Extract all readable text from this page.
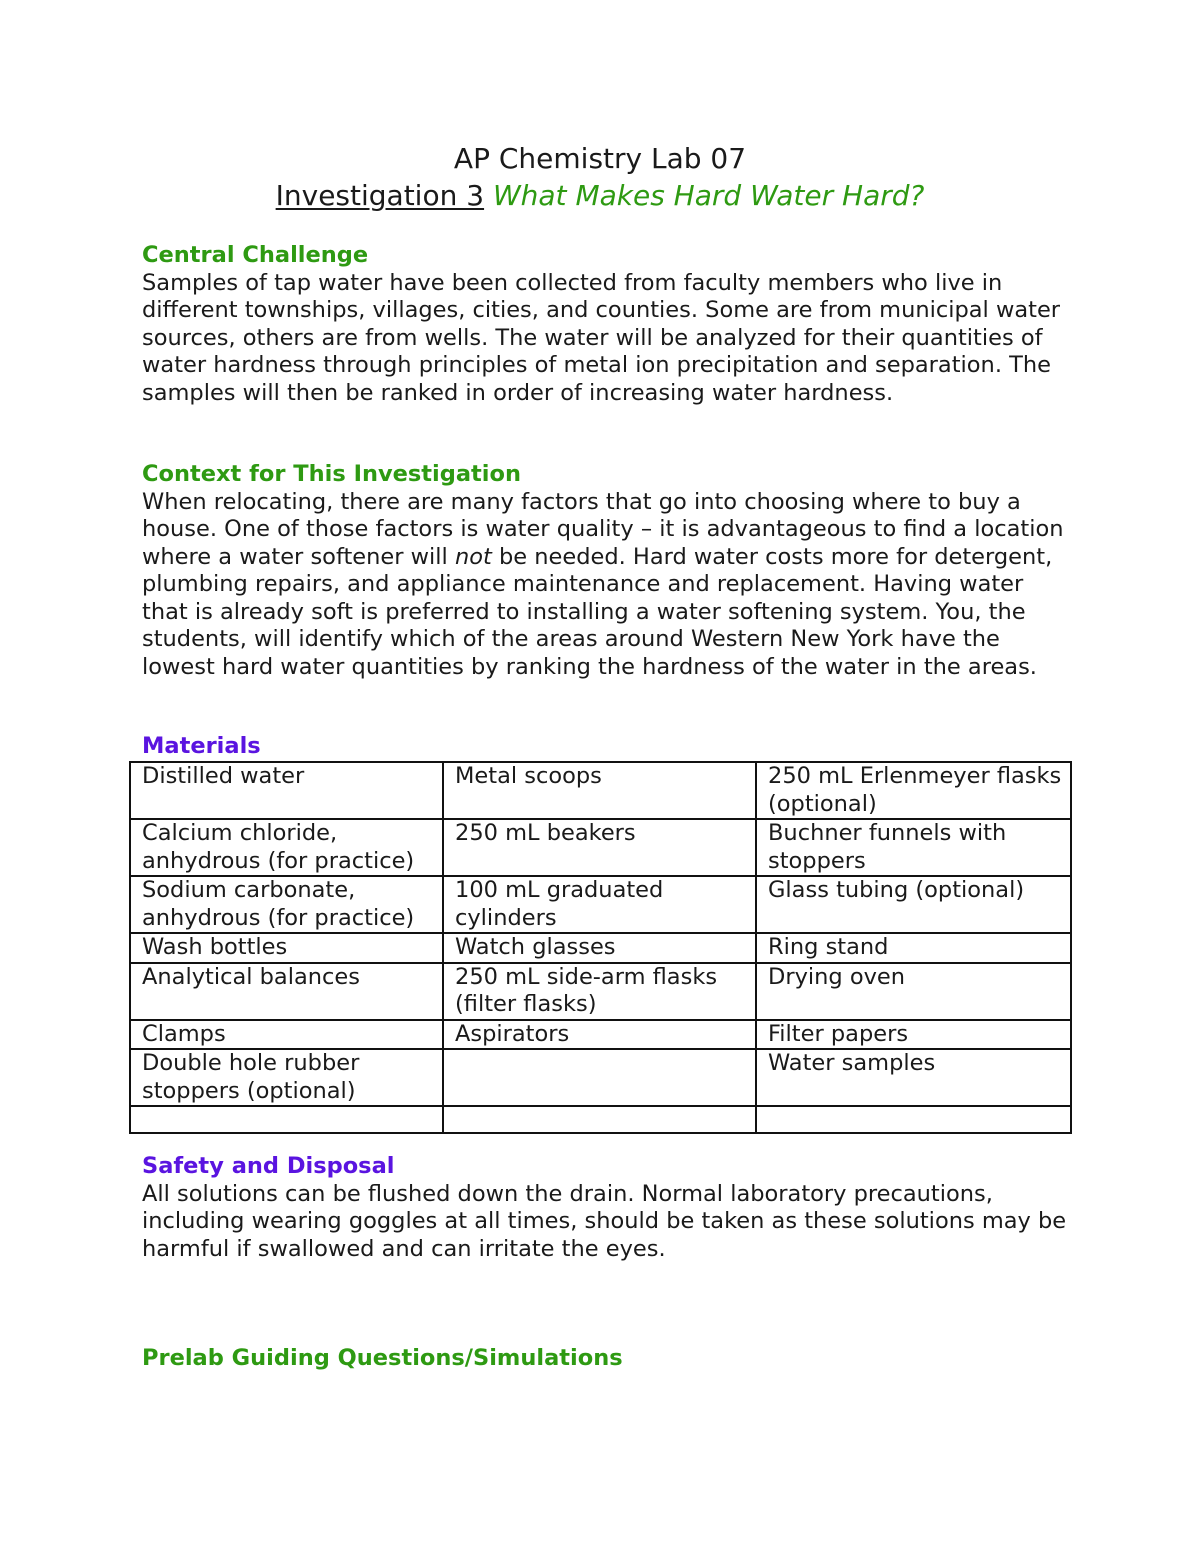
AP Chemistry Lab 07
Investigation 3 What Makes Hard Water Hard?
Central Challenge

Samples of tap water have been collected from faculty members who live in different townships, villages, cities, and counties. Some are from municipal water sources, others are from wells. The water will be analyzed for their quantities of water hardness through principles of metal ion precipitation and separation. The samples will then be ranked in order of increasing water hardness.

Context for This Investigation

When relocating, there are many factors that go into choosing where to buy a house. One of those factors is water quality – it is advantageous to find a location where a water softener will not be needed. Hard water costs more for detergent, plumbing repairs, and appliance maintenance and replacement. Having water that is already soft is preferred to installing a water softening system. You, the students, will identify which of the areas around Western New York have the lowest hard water quantities by ranking the hardness of the water in the areas.

Materials
Distilled water	Metal scoops	250 mL Erlenmeyer flasks (optional)
Calcium chloride, anhydrous (for practice)	250 mL beakers	Buchner funnels with stoppers
Sodium carbonate, anhydrous (for practice)	100 mL graduated cylinders	Glass tubing (optional)
Wash bottles	Watch glasses	Ring stand
Analytical balances	250 mL side-arm flasks (filter flasks)	Drying oven
Clamps	Aspirators	Filter papers
Double hole rubber stoppers (optional)		Water samples

Safety and Disposal

All solutions can be flushed down the drain. Normal laboratory precautions, including wearing goggles at all times, should be taken as these solutions may be harmful if swallowed and can irritate the eyes.

Prelab Guiding Questions/Simulations
